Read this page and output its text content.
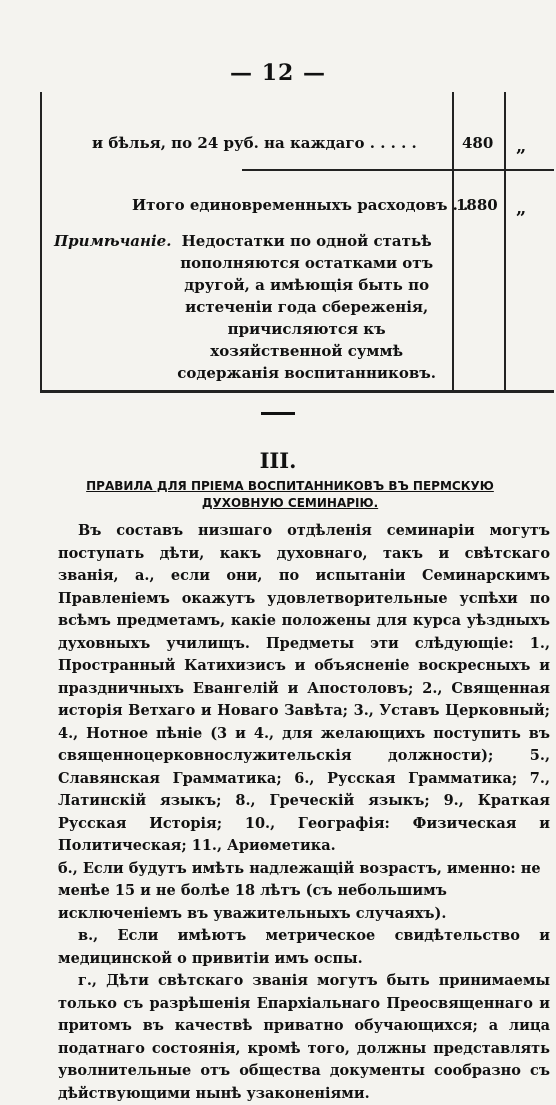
— 12 —
и бѣлья, по 24 руб. на каждаго . . . . .	480 „
Итого единовременныхъ расходовъ . .
1880 „
Примѣчаніе. Недостатки по одной статьѣ пополняются остатками отъ другой, а имѣющія быть по истеченіи года сбереженія, причисляются къ хозяйственной суммѣ содержанія воспитанниковъ.
III.
ПРАВИЛА ДЛЯ ПРІЕМА ВОСПИТАННИКОВЪ ВЪ ПЕРМСКУЮ ДУХОВНУЮ СЕМИНАРІЮ.

Въ составъ низшаго отдѣленія семинаріи могутъ поступать дѣти, какъ духовнаго, такъ и свѣтскаго званія, а., если они, по испытаніи Семинарскимъ Правленіемъ окажутъ удовлетворительные успѣхи по всѣмъ предметамъ, какіе положены для курса уѣздныхъ духовныхъ училищъ. Предметы эти слѣдующіе: 1., Пространный Катихизисъ и объясненіе воскресныхъ и праздничныхъ Евангелій и Апостоловъ; 2., Священная исторія Ветхаго и Новаго Завѣта; 3., Уставъ Церковный; 4., Нотное пѣніе (3 и 4., для желающихъ поступить въ священноцерковнослужительскія должности); 5., Славянская Грамматика; 6., Русская Грамматика; 7., Латинскій языкъ; 8., Греческій языкъ; 9., Краткая Русская Исторія; 10., Географія: Физическая и Политическая; 11., Ариѳметика.

б., Если будутъ имѣть надлежащій возрастъ, именно: не менѣе 15 и не болѣе 18 лѣтъ (съ небольшимъ исключеніемъ въ уважительныхъ случаяхъ).

в., Если имѣютъ метрическое свидѣтельство и медицинской о привитіи имъ оспы.

г., Дѣти свѣтскаго званія могутъ быть принимаемы только съ разрѣшенія Епархіальнаго Преосвященнаго и притомъ въ качествѣ приватно обучающихся; а лица податнаго состоянія, кромѣ того, должны представлять уволнительные отъ общества документы сообразно съ дѣйствующими нынѣ узаконеніями.
